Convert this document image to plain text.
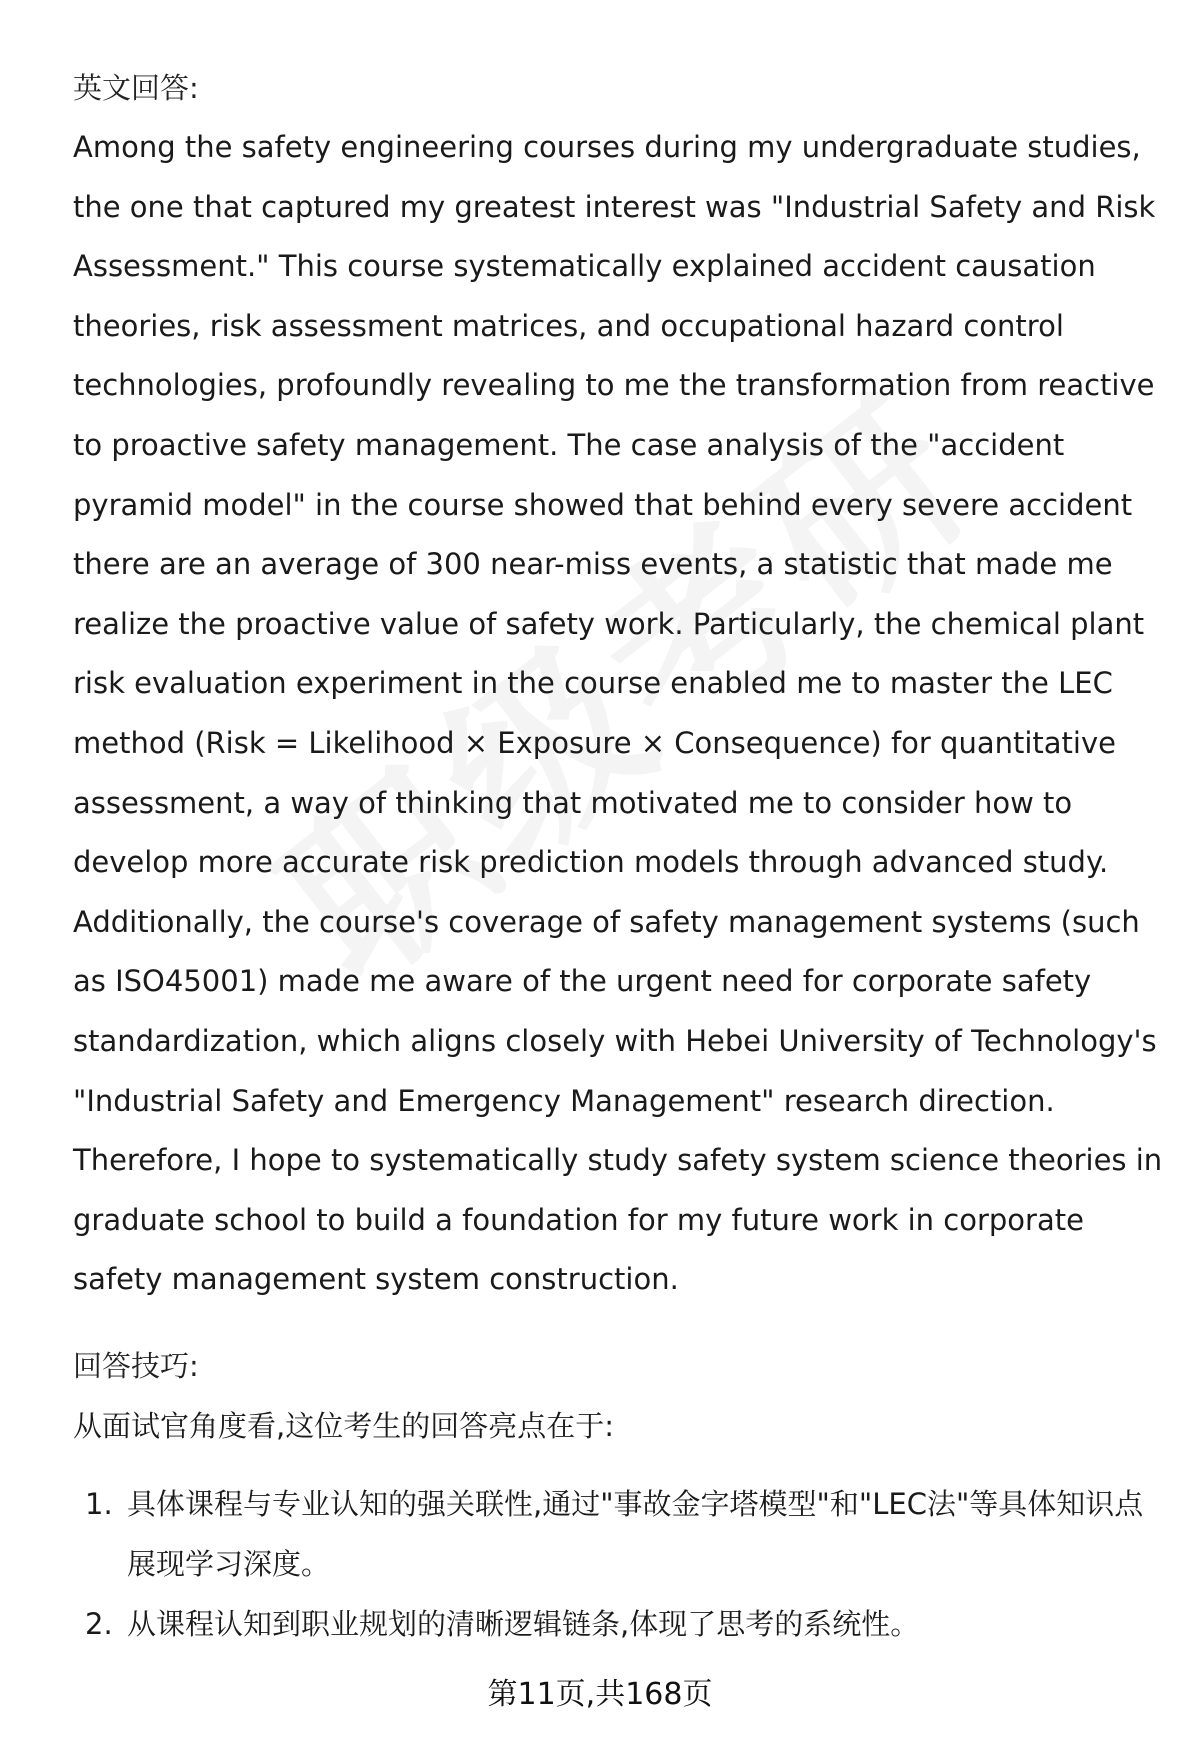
英文回答:

Among the safety engineering courses during my undergraduate studies, the one that captured my greatest interest was "Industrial Safety and Risk Assessment." This course systematically explained accident causation theories, risk assessment matrices, and occupational hazard control technologies, profoundly revealing to me the transformation from reactive to proactive safety management. The case analysis of the "accident pyramid model" in the course showed that behind every severe accident there are an average of 300 near-miss events, a statistic that made me realize the proactive value of safety work. Particularly, the chemical plant risk evaluation experiment in the course enabled me to master the LEC method (Risk = Likelihood × Exposure × Consequence) for quantitative assessment, a way of thinking that motivated me to consider how to develop more accurate risk prediction models through advanced study. Additionally, the course's coverage of safety management systems (such as ISO45001) made me aware of the urgent need for corporate safety standardization, which aligns closely with Hebei University of Technology's "Industrial Safety and Emergency Management" research direction. Therefore, I hope to systematically study safety system science theories in graduate school to build a foundation for my future work in corporate safety management system construction.

回答技巧:

从面试官角度看,这位考生的回答亮点在于:

1. 具体课程与专业认知的强关联性,通过"事故金字塔模型"和"LEC法"等具体知识点展现学习深度。
2. 从课程认知到职业规划的清晰逻辑链条,体现了思考的系统性。
第11页,共168页
